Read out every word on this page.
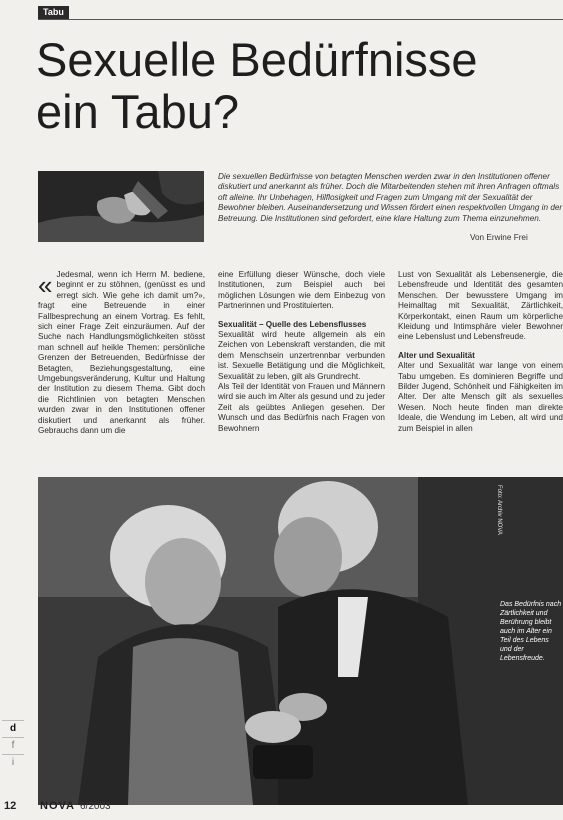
Tabu
Sexuelle Bedürfnisse
ein Tabu?
Die sexuellen Bedürfnisse von betagten Menschen werden zwar in den Institutionen offener diskutiert und anerkannt als früher. Doch die Mitarbeitenden stehen mit ihren Anfragen oftmals oft alleine. Ihr Unbehagen, Hilflosigkeit und Fragen zum Umgang mit der Sexualität der Bewohner bleiben. Auseinandersetzung und Wissen fördert einen respektvollen Umgang in der Betreuung. Die Institutionen sind gefordert, eine klare Haltung zum Thema einzunehmen.
Von Erwine Frei
« Jedesmal, wenn ich Herrn M. bediene, beginnt er zu stöhnen, (genüsst es und erregt sich. Wie gehe ich damit um?», fragt eine Betreuende in einer Fallbesprechung an einem Vortrag. Es fehlt, sich einer Frage Zeit einzuräumen. Auf der Suche nach Handlungsmöglichkeiten stösst man schnell auf heikle Themen: persönliche Grenzen der Betreuenden, Bedürfnisse der Betagten, Beziehungsgestaltung, eine Umgebungsveränderung, Kultur und Haltung der Institution zu diesem Thema. Gibt doch die Richtlinien von betagten Menschen wurden zwar in den Institutionen offener diskutiert und anerkannt als früher. Gebrauchs dann um die

eine Erfüllung dieser Wünsche, doch viele Institutionen, zum Beispiel auch bei möglichen Lösungen wie dem Einbezug von Partnerinnen und Prostituierten.

Sexualität – Quelle des Lebensflusses

Sexualität wird heute allgemein als ein Zeichen von Lebenskraft verstanden, die mit dem Menschsein unzertrennbar verbunden ist. Sexuelle Betätigung und die Möglichkeit, Sexualität zu leben, gilt als Grundrecht.

Als Teil der Identität von Frauen und Männern wird sie auch im Alter als gesund und zu jeder Zeit als geübtes Anliegen gesehen. Der Wunsch und das Bedürfnis nach Fragen von Bewohnern

Lust von Sexualität als Lebensenergie, die Lebensfreude und Identität des gesamten Menschen. Der bewusstere Umgang im Heimalltag mit Sexualität, Zärtlichkeit, Körperkontakt, einen Raum um körperliche Kleidung und Intimsphäre vieler Bewohner eine Lebenslust und Lebensfreude.

Alter und Sexualität

Alter und Sexualität war lange von einem Tabu umgeben. Es dominieren Begriffe und Bilder Jugend, Schönheit und Fähigkeiten im Alter. Der alte Mensch gilt als sexuelles Wesen. Noch heute finden man direkte Ideale, die Wendung im Leben, alt wird und zum Beispiel in allen

Foto: Archiv NOVA
Das Bedürfnis nach Zärtlichkeit und Berührung bleibt auch im Alter ein Teil des Lebens und der Lebensfreude.
d
f
i
12 NOVA 6/2003
